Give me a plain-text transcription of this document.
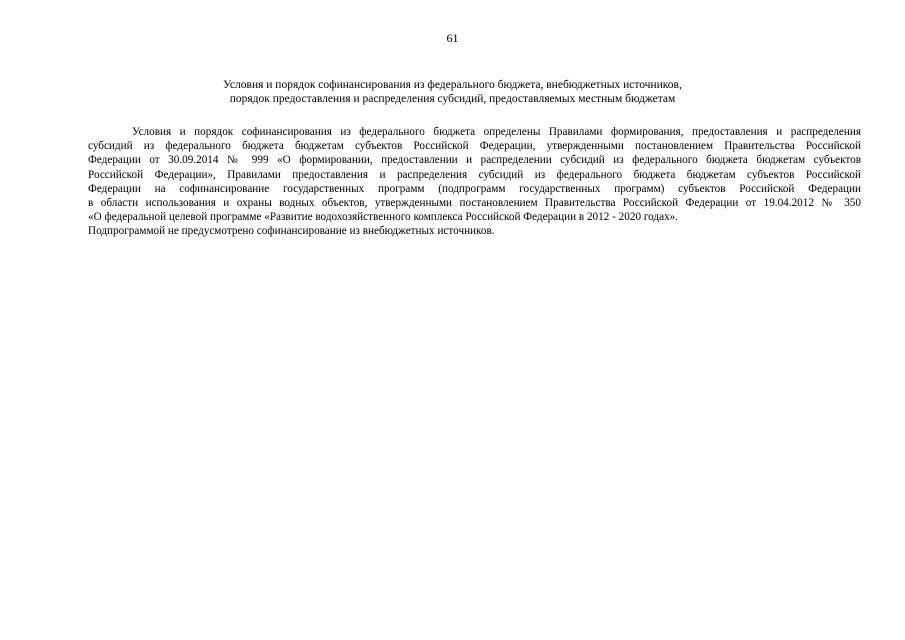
61
Условия и порядок софинансирования из федерального бюджета, внебюджетных источников,
порядок предоставления и распределения субсидий, предоставляемых местным бюджетам
Условия и порядок софинансирования из федерального бюджета определены Правилами формирования, предоставления и распределения
субсидий из федерального бюджета бюджетам субъектов Российской Федерации, утвержденными постановлением Правительства Российской
Федерации от 30.09.2014 № 999 «О формировании, предоставлении и распределении субсидий из федерального бюджета бюджетам субъектов
Российской Федерации», Правилами предоставления и распределения субсидий из федерального бюджета бюджетам субъектов Российской
Федерации на софинансирование государственных программ (подпрограмм государственных программ) субъектов Российской Федерации
в области использования и охраны водных объектов, утвержденными постановлением Правительства Российской Федерации от 19.04.2012 № 350
«О федеральной целевой программе «Развитие водохозяйственного комплекса Российской Федерации в 2012 - 2020 годах».

Подпрограммой не предусмотрено софинансирование из внебюджетных источников.
